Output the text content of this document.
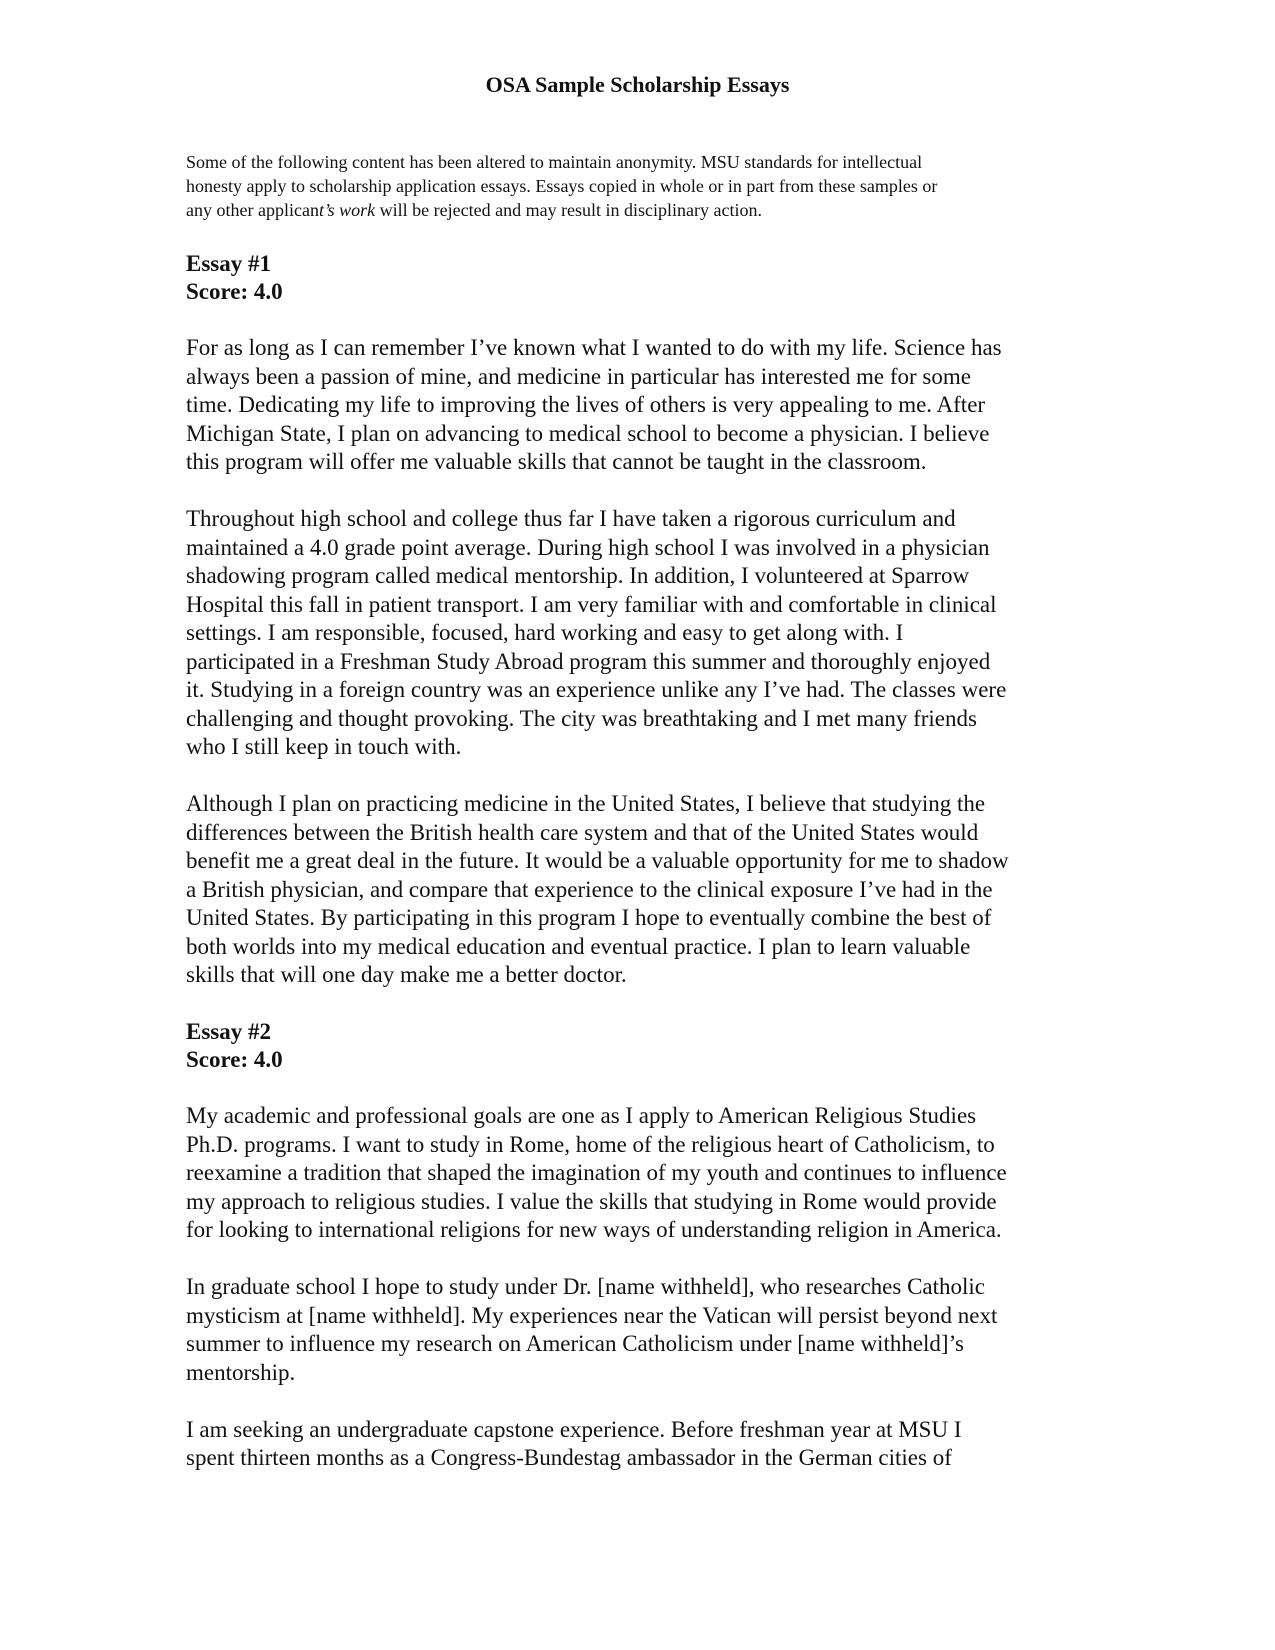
OSA Sample Scholarship Essays

Some of the following content has been altered to maintain anonymity. MSU standards for intellectual
honesty apply to scholarship application essays. Essays copied in whole or in part from these samples or
any other applicant’s work will be rejected and may result in disciplinary action.

Essay #1
Score: 4.0

For as long as I can remember I’ve known what I wanted to do with my life. Science has
always been a passion of mine, and medicine in particular has interested me for some
time. Dedicating my life to improving the lives of others is very appealing to me. After
Michigan State, I plan on advancing to medical school to become a physician. I believe
this program will offer me valuable skills that cannot be taught in the classroom.

Throughout high school and college thus far I have taken a rigorous curriculum and
maintained a 4.0 grade point average. During high school I was involved in a physician
shadowing program called medical mentorship. In addition, I volunteered at Sparrow
Hospital this fall in patient transport. I am very familiar with and comfortable in clinical
settings. I am responsible, focused, hard working and easy to get along with. I
participated in a Freshman Study Abroad program this summer and thoroughly enjoyed
it. Studying in a foreign country was an experience unlike any I’ve had. The classes were
challenging and thought provoking. The city was breathtaking and I met many friends
who I still keep in touch with.

Although I plan on practicing medicine in the United States, I believe that studying the
differences between the British health care system and that of the United States would
benefit me a great deal in the future. It would be a valuable opportunity for me to shadow
a British physician, and compare that experience to the clinical exposure I’ve had in the
United States. By participating in this program I hope to eventually combine the best of
both worlds into my medical education and eventual practice. I plan to learn valuable
skills that will one day make me a better doctor.

Essay #2
Score: 4.0

My academic and professional goals are one as I apply to American Religious Studies
Ph.D. programs. I want to study in Rome, home of the religious heart of Catholicism, to
reexamine a tradition that shaped the imagination of my youth and continues to influence
my approach to religious studies. I value the skills that studying in Rome would provide
for looking to international religions for new ways of understanding religion in America.

In graduate school I hope to study under Dr. [name withheld], who researches Catholic
mysticism at [name withheld]. My experiences near the Vatican will persist beyond next
summer to influence my research on American Catholicism under [name withheld]’s
mentorship.

I am seeking an undergraduate capstone experience. Before freshman year at MSU I
spent thirteen months as a Congress-Bundestag ambassador in the German cities of
